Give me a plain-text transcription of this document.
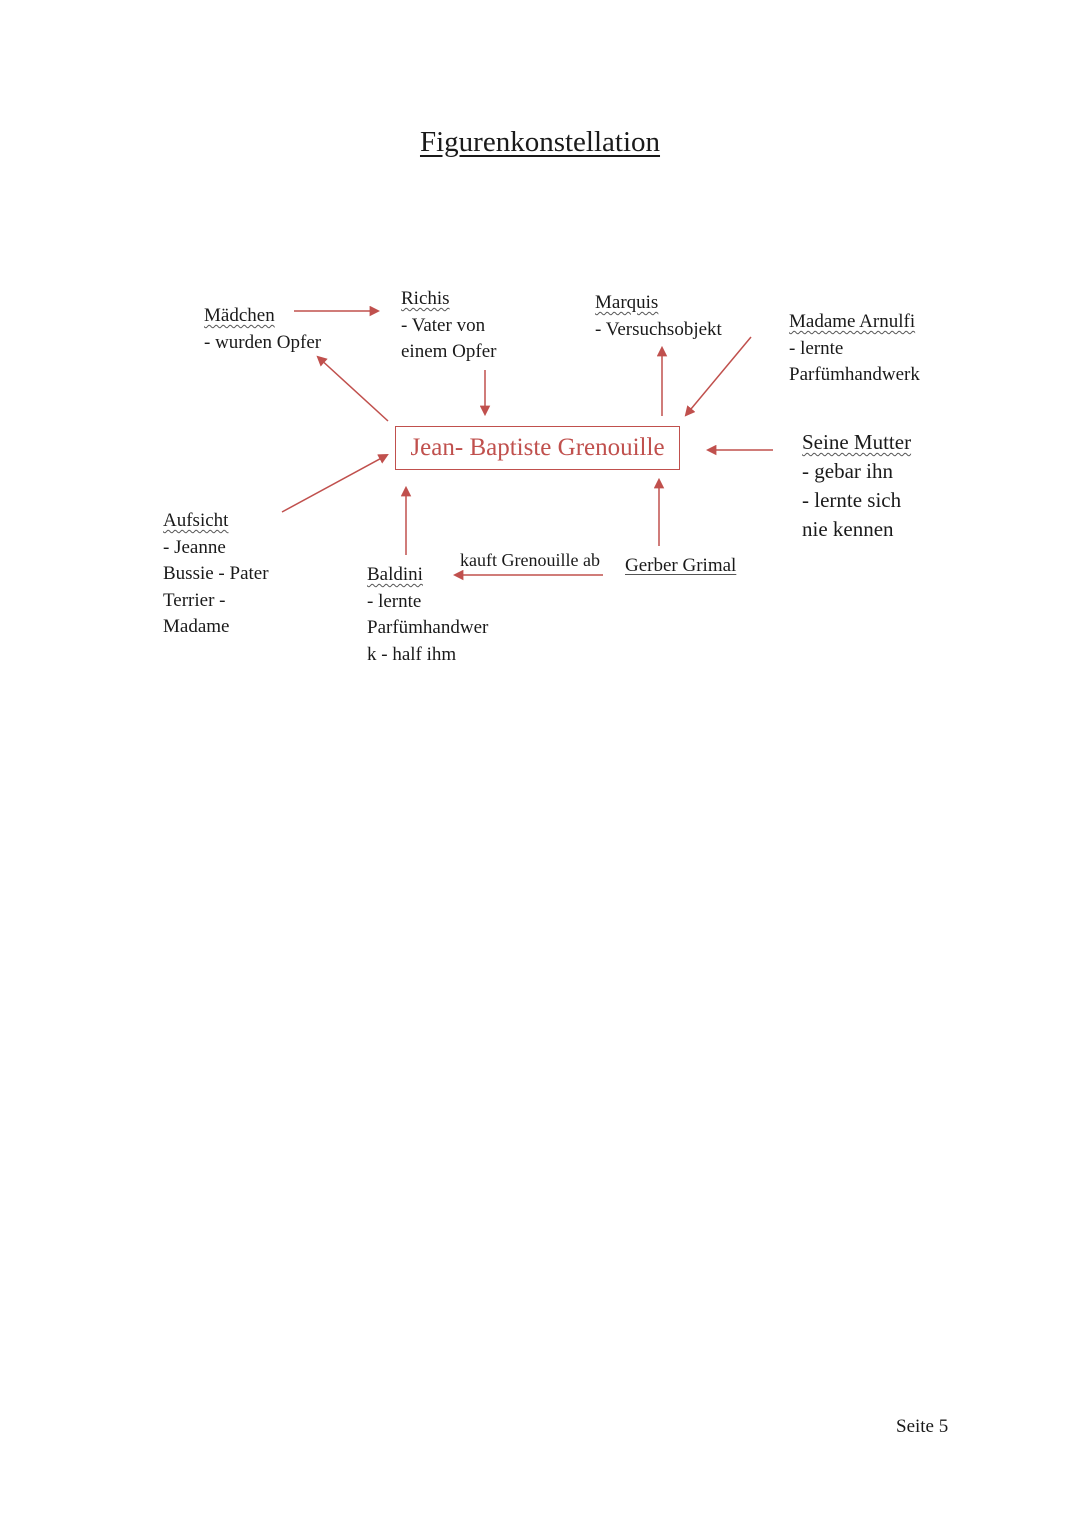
Figurenkonstellation
Mädchen
- wurden Opfer
Richis
- Vater von
einem Opfer
Marquis
- Versuchsobjekt	Madame Arnulfi
- lernte
Parfümhandwerk
Seine Mutter
- gebar ihn
- lernte sich
nie kennen
Jean- Baptiste Grenouille
Aufsicht
- Jeanne
Bussie - Pater
Terrier -
Madame
Baldini
- lernte
Parfümhandwer
k - half ihm
kauft Grenouille ab Gerber Grimal
Seite 5
